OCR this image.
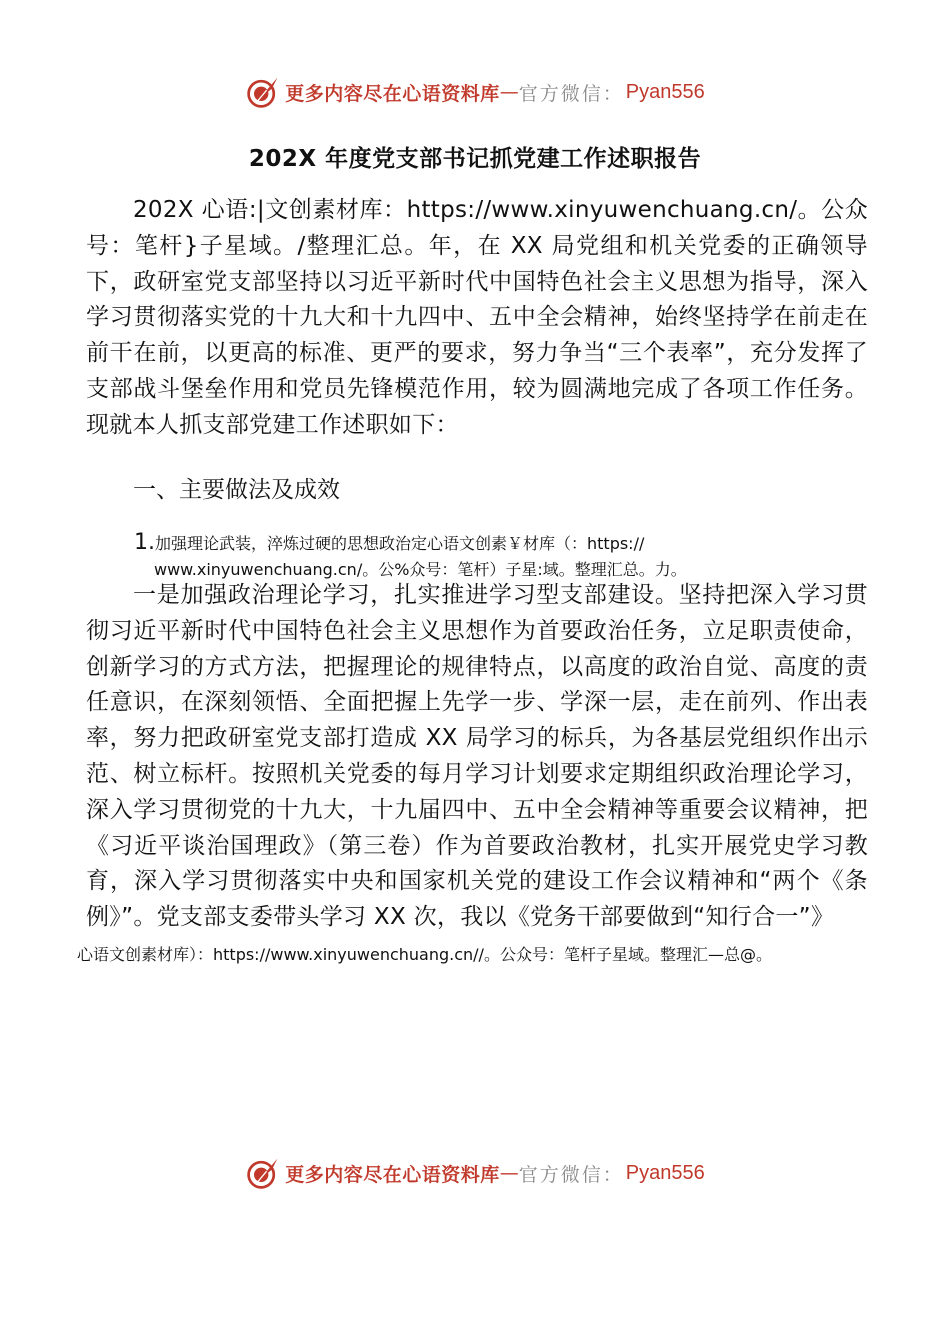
更多内容尽在心语资料库 — 官方微信： Pyan556
202X 年度党支部书记抓党建工作述职报告
202X 心语:|文创素材库：https://www.xinyuwenchuang.cn/。公众号：笔杆}子星域。/整理汇总。年，在 XX 局党组和机关党委的正确领导下，政研室党支部坚持以习近平新时代中国特色社会主义思想为指导，深入学习贯彻落实党的十九大和十九四中、五中全会精神，始终坚持学在前走在前干在前，以更高的标准、更严的要求，努力争当“三个表率”，充分发挥了支部战斗堡垒作用和党员先锋模范作用，较为圆满地完成了各项工作任务。现就本人抓支部党建工作述职如下：
一、主要做法及成效
1.加强理论武装，淬炼过硬的思想政治定心语文创素￥材库（：https://
www.xinyuwenchuang.cn/。公%众号：笔杆）子星:域。整理汇总。力。
一是加强政治理论学习，扎实推进学习型支部建设。坚持把深入学习贯彻习近平新时代中国特色社会主义思想作为首要政治任务，立足职责使命， 创新学习的方式方法，把握理论的规律特点，以高度的政治自觉、高度的责任意识，在深刻领悟、全面把握上先学一步、学深一层，走在前列、作出表率，努力把政研室党支部打造成 XX 局学习的标兵，为各基层党组织作出示范、树立标杆。按照机关党委的每月学习计划要求定期组织政治理论学习， 深入学习贯彻党的十九大，十九届四中、五中全会精神等重要会议精神，把《习近平谈治国理政》（第三卷）作为首要政治教材，扎实开展党史学习教育，深入学习贯彻落实中央和国家机关党的建设工作会议精神和“两个《条例》”。党支部支委带头学习 XX 次，我以《党务干部要做到“知行合一”》
心语文创素材库）：https://www.xinyuwenchuang.cn//。公众号：笔杆子星域。整理汇—总@。
更多内容尽在心语资料库 — 官方微信： Pyan556
